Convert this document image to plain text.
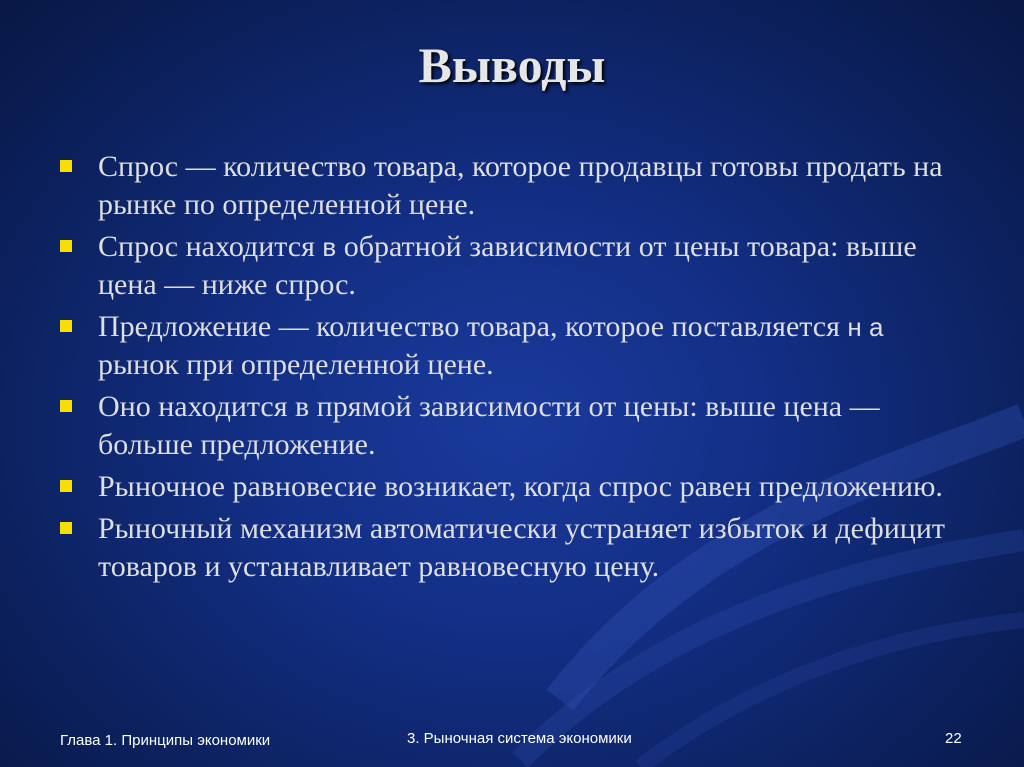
Выводы
Спрос — количество товара, которое продавцы готовы продать на рынке по определенной цене.
Спрос находится в обратной зависимости от цены товара: выше цена — ниже спрос.
Предложение — количество товара, которое поставляется н а рынок при определенной цене.
Оно находится в прямой зависимости от цены: выше цена — больше предложение.
Рыночное равновесие возникает, когда спрос равен предложению.
Рыночный механизм автоматически устраняет избыток и дефицит товаров и устанавливает равновесную цену.
Глава 1. Принципы экономики	3. Рыночная система экономики	22
